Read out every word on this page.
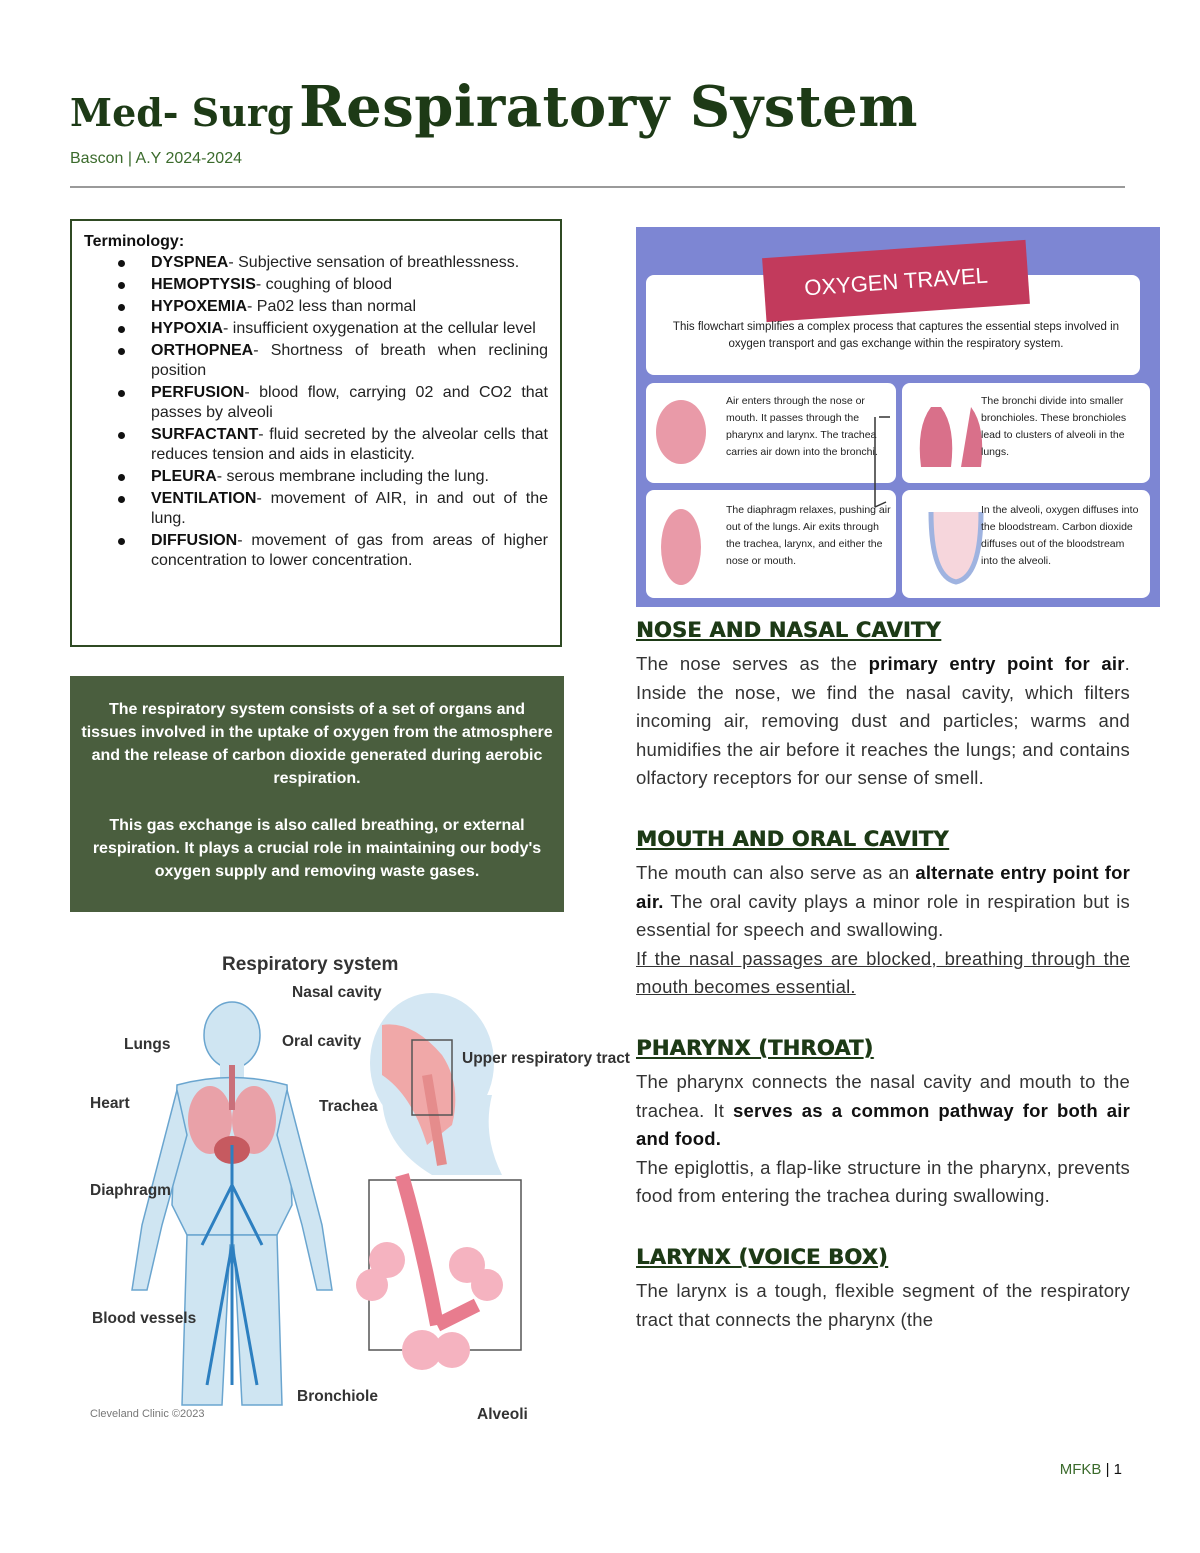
Med- Surg Respiratory System
Bascon | A.Y 2024-2024
Terminology:
DYSPNEA- Subjective sensation of breathlessness.
HEMOPTYSIS- coughing of blood
HYPOXEMIA- Pa02 less than normal
HYPOXIA- insufficient oxygenation at the cellular level
ORTHOPNEA- Shortness of breath when reclining position
PERFUSION- blood flow, carrying 02 and CO2 that passes by alveoli
SURFACTANT- fluid secreted by the alveolar cells that reduces tension and aids in elasticity.
PLEURA- serous membrane including the lung.
VENTILATION- movement of AIR, in and out of the lung.
DIFFUSION- movement of gas from areas of higher concentration to lower concentration.

The respiratory system consists of a set of organs and tissues involved in the uptake of oxygen from the atmosphere and the release of carbon dioxide generated during aerobic respiration.

This gas exchange is also called breathing, or external respiration. It plays a crucial role in maintaining our body's oxygen supply and removing waste gases.

Respiratory system
Nasal cavity
Oral cavity
Upper respiratory tract
Lungs
Heart	Trachea
Diaphragm
Blood vessels
Bronchiole
Alveoli
Cleveland Clinic ©2023
OXYGEN TRAVEL
This flowchart simplifies a complex process that captures the essential steps involved in oxygen transport and gas exchange within the respiratory system.
Air enters through the nose or mouth. It passes through the pharynx and larynx. The trachea carries air down into the bronchi.
The bronchi divide into smaller bronchioles. These bronchioles lead to clusters of alveoli in the lungs.
The diaphragm relaxes, pushing air out of the lungs. Air exits through the trachea, larynx, and either the nose or mouth.
In the alveoli, oxygen diffuses into the bloodstream. Carbon dioxide diffuses out of the bloodstream into the alveoli.
NOSE AND NASAL CAVITY

The nose serves as the primary entry point for air. Inside the nose, we find the nasal cavity, which filters incoming air, removing dust and particles; warms and humidifies the air before it reaches the lungs; and contains olfactory receptors for our sense of smell.

MOUTH AND ORAL CAVITY

The mouth can also serve as an alternate entry point for air. The oral cavity plays a minor role in respiration but is essential for speech and swallowing.

If the nasal passages are blocked, breathing through the mouth becomes essential.

PHARYNX (THROAT)

The pharynx connects the nasal cavity and mouth to the trachea. It serves as a common pathway for both air and food.

The epiglottis, a flap-like structure in the pharynx, prevents food from entering the trachea during swallowing.

LARYNX (VOICE BOX)

The larynx is a tough, flexible segment of the respiratory tract that connects the pharynx (the

MFKB | 1
